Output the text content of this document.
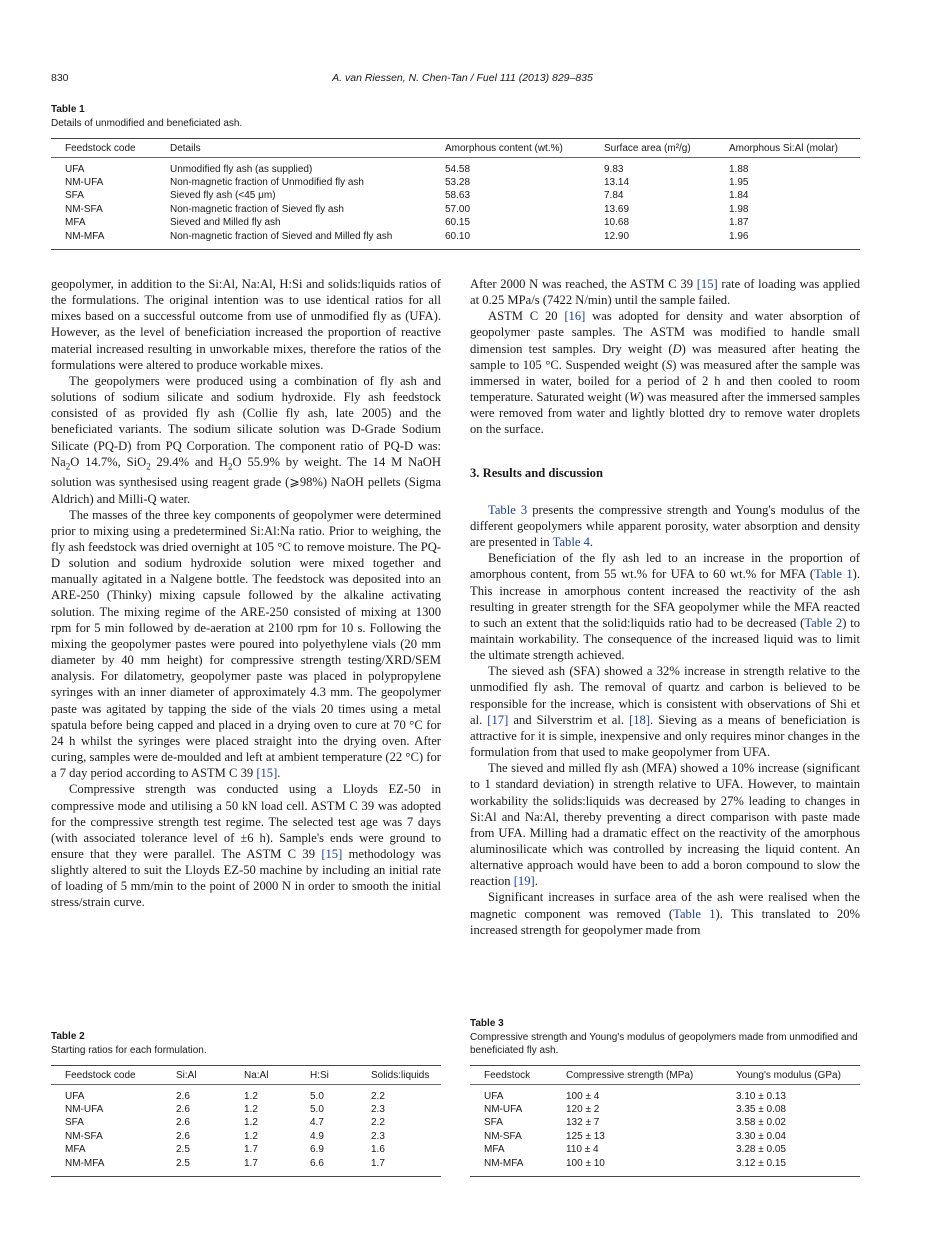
830	A. van Riessen, N. Chen-Tan / Fuel 111 (2013) 829–835
Table 1
Details of unmodified and beneficiated ash.
Feedstock code	Details	Amorphous content (wt.%)	Surface area (m²/g)	Amorphous Si:Al (molar)
UFA	Unmodified fly ash (as supplied)	54.58	9.83	1.88
NM-UFA	Non-magnetic fraction of Unmodified fly ash	53.28	13.14	1.95
SFA	Sieved fly ash (<45 μm)	58.63	7.84	1.84
NM-SFA	Non-magnetic fraction of Sieved fly ash	57.00	13.69	1.98
MFA	Sieved and Milled fly ash	60.15	10.68	1.87
NM-MFA	Non-magnetic fraction of Sieved and Milled fly ash	60.10	12.90	1.96

geopolymer, in addition to the Si:Al, Na:Al, H:Si and solids:liquids ratios of the formulations. The original intention was to use identical ratios for all mixes based on a successful outcome from use of unmodified fly as (UFA). However, as the level of beneficiation increased the proportion of reactive material increased resulting in unworkable mixes, therefore the ratios of the formulations were altered to produce workable mixes.

The geopolymers were produced using a combination of fly ash and solutions of sodium silicate and sodium hydroxide. Fly ash feedstock consisted of as provided fly ash (Collie fly ash, late 2005) and the beneficiated variants. The sodium silicate solution was D-Grade Sodium Silicate (PQ-D) from PQ Corporation. The component ratio of PQ-D was: $Na_2O$ 14.7%, SiO$_2$ 29.4% and $H_2O$ 55.9% by weight. The 14 M NaOH solution was synthesised using reagent grade (⩾98%) NaOH pellets (Sigma Aldrich) and Milli-Q water.

The masses of the three key components of geopolymer were determined prior to mixing using a predetermined Si:Al:Na ratio. Prior to weighing, the fly ash feedstock was dried overnight at 105 °C to remove moisture. The PQ-D solution and sodium hydroxide solution were mixed together and manually agitated in a Nalgene bottle. The feedstock was deposited into an ARE-250 (Thinky) mixing capsule followed by the alkaline activating solution. The mixing regime of the ARE-250 consisted of mixing at 1300 rpm for 5 min followed by de-aeration at 2100 rpm for 10 s. Following the mixing the geopolymer pastes were poured into polyethylene vials (20 mm diameter by 40 mm height) for compressive strength testing/XRD/SEM analysis. For dilatometry, geopolymer paste was placed in polypropylene syringes with an inner diameter of approximately 4.3 mm. The geopolymer paste was agitated by tapping the side of the vials 20 times using a metal spatula before being capped and placed in a drying oven to cure at 70 °C for 24 h whilst the syringes were placed straight into the drying oven. After curing, samples were de-moulded and left at ambient temperature (22 °C) for a 7 day period according to ASTM C 39 [15].

Compressive strength was conducted using a Lloyds EZ-50 in compressive mode and utilising a 50 kN load cell. ASTM C 39 was adopted for the compressive strength test regime. The selected test age was 7 days (with associated tolerance level of ±6 h). Sample's ends were ground to ensure that they were parallel. The ASTM C 39 [15] methodology was slightly altered to suit the Lloyds EZ-50 machine by including an initial rate of loading of 5 mm/min to the point of 2000 N in order to smooth the initial stress/strain curve.

After 2000 N was reached, the ASTM C 39 [15] rate of loading was applied at 0.25 MPa/s (7422 N/min) until the sample failed.

ASTM C 20 [16] was adopted for density and water absorption of geopolymer paste samples. The ASTM was modified to handle small dimension test samples. Dry weight (D) was measured after heating the sample to 105 °C. Suspended weight (S) was measured after the sample was immersed in water, boiled for a period of 2 h and then cooled to room temperature. Saturated weight (W) was measured after the immersed samples were removed from water and lightly blotted dry to remove water droplets on the surface.

3. Results and discussion

Table 3 presents the compressive strength and Young's modulus of the different geopolymers while apparent porosity, water absorption and density are presented in Table 4.

Beneficiation of the fly ash led to an increase in the proportion of amorphous content, from 55 wt.% for UFA to 60 wt.% for MFA (Table 1). This increase in amorphous content increased the reactivity of the ash resulting in greater strength for the SFA geopolymer while the MFA reacted to such an extent that the solid:liquids ratio had to be decreased (Table 2) to maintain workability. The consequence of the increased liquid was to limit the ultimate strength achieved.

The sieved ash (SFA) showed a 32% increase in strength relative to the unmodified fly ash. The removal of quartz and carbon is believed to be responsible for the increase, which is consistent with observations of Shi et al. [17] and Silverstrim et al. [18]. Sieving as a means of beneficiation is attractive for it is simple, inexpensive and only requires minor changes in the formulation from that used to make geopolymer from UFA.

The sieved and milled fly ash (MFA) showed a 10% increase (significant to 1 standard deviation) in strength relative to UFA. However, to maintain workability the solids:liquids was decreased by 27% leading to changes in Si:Al and Na:Al, thereby preventing a direct comparison with paste made from UFA. Milling had a dramatic effect on the reactivity of the amorphous aluminosilicate which was controlled by increasing the liquid content. An alternative approach would have been to add a boron compound to slow the reaction [19].

Significant increases in surface area of the ash were realised when the magnetic component was removed (Table 1). This translated to 20% increased strength for geopolymer made from

Table 2
Starting ratios for each formulation.
Feedstock code	Si:Al	Na:Al	H:Si	Solids:liquids
UFA	2.6	1.2	5.0	2.2
NM-UFA	2.6	1.2	5.0	2.3
SFA	2.6	1.2	4.7	2.2
NM-SFA	2.6	1.2	4.9	2.3
MFA	2.5	1.7	6.9	1.6
NM-MFA	2.5	1.7	6.6	1.7
Table 3
Compressive strength and Young's modulus of geopolymers made from unmodified and beneficiated fly ash.
Feedstock	Compressive strength (MPa)	Young's modulus (GPa)
UFA	100 ± 4	3.10 ± 0.13
NM-UFA	120 ± 2	3.35 ± 0.08
SFA	132 ± 7	3.58 ± 0.02
NM-SFA	125 ± 13	3.30 ± 0.04
MFA	110 ± 4	3.28 ± 0.05
NM-MFA	100 ± 10	3.12 ± 0.15
